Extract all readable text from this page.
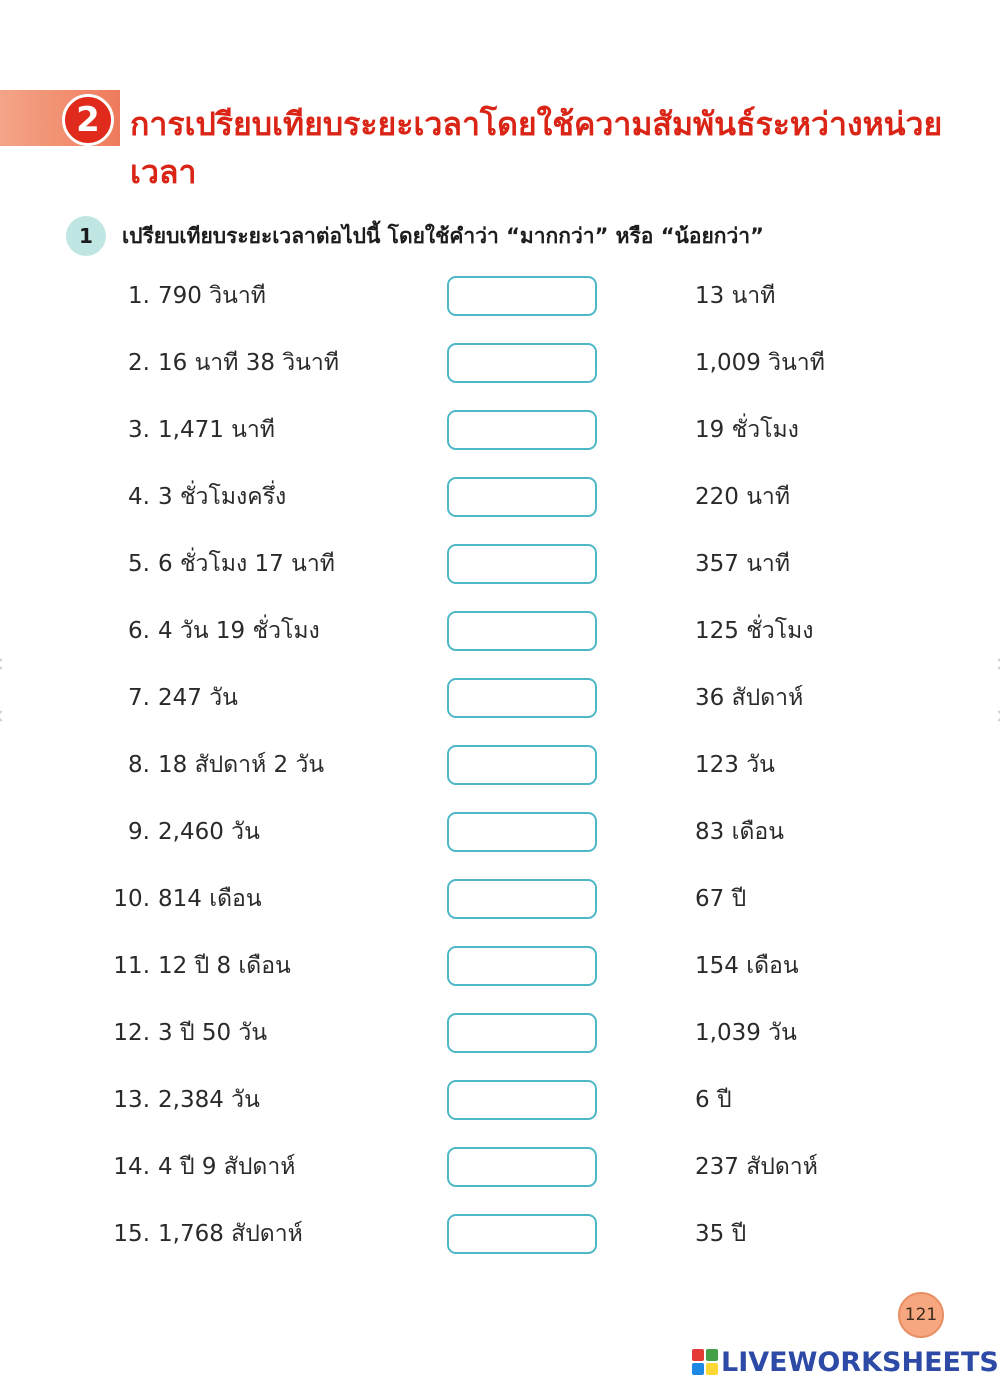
2 การเปรียบเทียบระยะเวลาโดยใช้ความสัมพันธ์ระหว่างหน่วยเวลา
1	เปรียบเทียบระยะเวลาต่อไปนี้ โดยใช้คำว่า “มากกว่า” หรือ “น้อยกว่า”
1. 790 วินาที	13 นาที
2. 16 นาที 38 วินาที	1,009 วินาที
3. 1,471 นาที	19 ชั่วโมง
4. 3 ชั่วโมงครึ่ง	220 นาที
5. 6 ชั่วโมง 17 นาที	357 นาที
6. 4 วัน 19 ชั่วโมง	125 ชั่วโมง
7. 247 วัน	36 สัปดาห์
8. 18 สัปดาห์ 2 วัน	123 วัน
9. 2,460 วัน	83 เดือน
10. 814 เดือน	67 ปี
11. 12 ปี 8 เดือน	154 เดือน
12. 3 ปี 50 วัน	1,039 วัน
13. 2,384 วัน	6 ปี
14. 4 ปี 9 สัปดาห์	237 สัปดาห์
15. 1,768 สัปดาห์	35 ปี
121
LIVEWORKSHEETS
